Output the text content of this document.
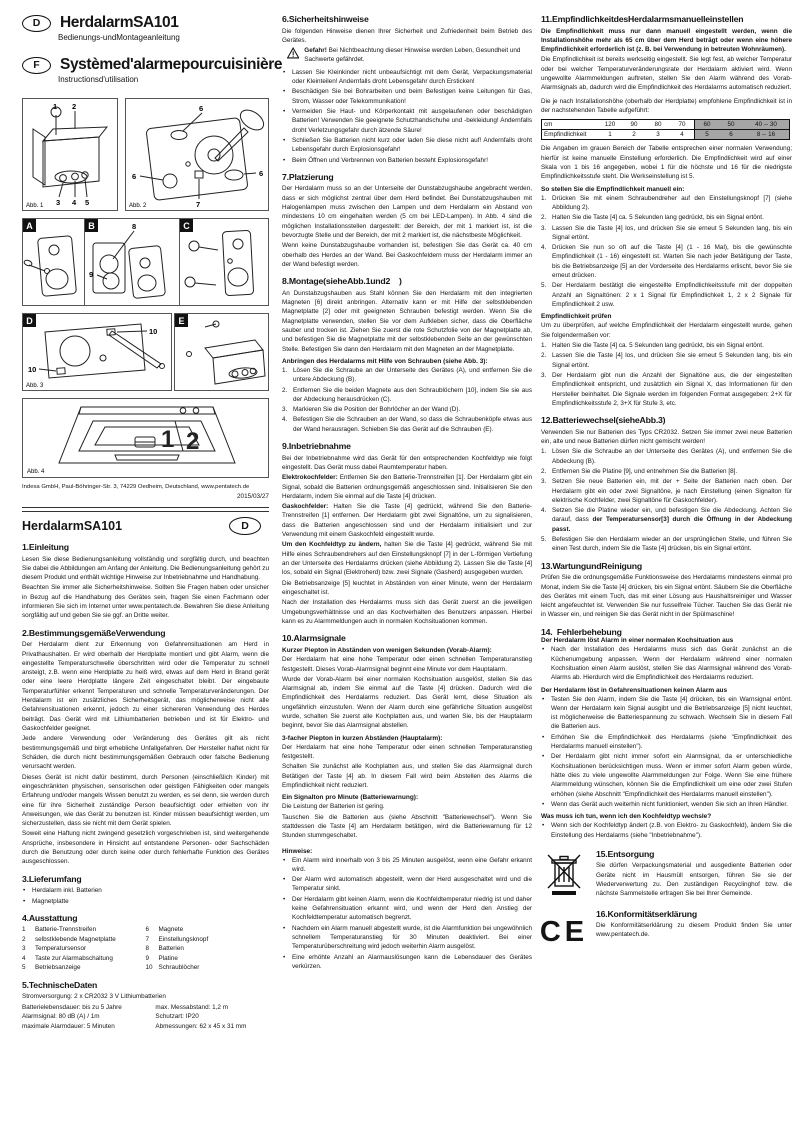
D	HerdalarmSA101
Bedienungs-undMontageanleitung
F	Systèmed'alarmepourcuisinière
Instructionsd'utilisation
1 2
3 4 5
Abb. 1
6
6	6
7
Abb. 2
A	B	8
9
C
D
10
10
Abb. 3
E
1 2
Abb. 4
Indexa GmbH, Paul-Böhringer-Str. 3, 74229 Oedheim, Deutschland, www.pentatech.de
2015/03/27
HerdalarmSA101	D
1.Einleitung

Lesen Sie diese Bedienungsanleitung vollständig und sorgfältig durch, und beachten Sie dabei die Abbildungen am Anfang der Anleitung. Die Bedienungsanleitung gehört zu diesem Produkt und enthält wichtige Hinweise zur Inbetriebnahme und Handhabung.

Beachten Sie immer alle Sicherheitshinweise. Sollten Sie Fragen haben oder unsicher in Bezug auf die Handhabung des Gerätes sein, fragen Sie einen Fachmann oder informieren Sie sich im Internet unter www.pentatech.de. Bewahren Sie diese Anleitung sorgfältig auf und geben Sie sie ggf. an Dritte weiter.

2.BestimmungsgemäßeVerwendung

Der Herdalarm dient zur Erkennung von Gefahrensituationen am Herd in Privathaushalten. Er wird oberhalb der Herdplatte montiert und gibt Alarm, wenn die eingestellte Temperaturschwelle überschritten wird oder die Temperatur zu schnell ansteigt, z.B. wenn eine Herdplatte zu heiß wird, etwas auf dem Herd in Brand gerät oder eine leere Herdplatte längere Zeit eingeschaltet bleibt. Der eingebaute Temperaturfühler erkennt Temperaturen und schnelle Temperaturveränderungen. Der Herdalarm ist ein zusätzliches Sicherheitsgerät, das möglicherweise nicht alle Gefahrensituationen erkennt, jedoch zu einer sichereren Verwendung des Herdes beiträgt. Das Gerät wird mit Lithiumbatterien betrieben und ist für Elektro- und Gaskochfelder geeignet.

Jede andere Verwendung oder Veränderung des Gerätes gilt als nicht bestimmungsgemäß und birgt erhebliche Unfallgefahren. Der Hersteller haftet nicht für Schäden, die durch nicht bestimmungsgemäßen Gebrauch oder falsche Bedienung verursacht werden.

Dieses Gerät ist nicht dafür bestimmt, durch Personen (einschließlich Kinder) mit eingeschränkten physischen, sensorischen oder geistigen Fähigkeiten oder mangels Erfahrung und/oder mangels Wissen benutzt zu werden, es sei denn, sie werden durch eine für ihre Sicherheit zuständige Person beaufsichtigt oder erhielten von ihr Anweisungen, wie das Gerät zu benutzen ist. Kinder müssen beaufsichtigt werden, um sicherzustellen, dass sie nicht mit dem Gerät spielen.

Soweit eine Haftung nicht zwingend gesetzlich vorgeschrieben ist, sind weitergehende Ansprüche, insbesondere in Hinsicht auf entstandene Personen- oder Sachschäden durch die Benutzung oder durch keine oder durch fehlerhafte Funktion des Gerätes ausgeschlossen.

3.Lieferumfang
• Herdalarm inkl. Batterien
• Magnetplatte
4.Ausstattung
1	Batterie-Trennstreifen
2	selbstklebende Magnetplatte
3	Temperatursensor
4	Taste zur Alarmabschaltung
5	Betriebsanzeige
6	Magnete
7	Einstellungsknopf
8	Batterien
9	Platine
10 Schraublöcher
5.TechnischeDaten

Stromversorgung: 2 x CR2032 3 V Lithiumbatterien

Batterielebensdauer: bis zu 5 Jahre
Alarmsignal: 80 dB (A) / 1m
maximale Alarmdauer: 5 Minuten
max. Messabstand: 1,2 m
Schutzart: IP20
Abmessungen: 62 x 45 x 31 mm
6.Sicherheitshinweise

Die folgenden Hinweise dienen Ihrer Sicherheit und Zufriedenheit beim Betrieb des Gerätes.

Gefahr! Bei Nichtbeachtung dieser Hinweise werden Leben, Gesundheit und Sachwerte gefährdet.

• Lassen Sie Kleinkinder nicht unbeaufsichtigt mit dem Gerät, Verpackungsmaterial oder Kleinteilen! Andernfalls droht Lebensgefahr durch Ersticken!
• Beschädigen Sie bei Bohrarbeiten und beim Befestigen keine Leitungen für Gas, Strom, Wasser oder Telekommunikation!
• Vermeiden Sie Haut- und Körperkontakt mit ausgelaufenen oder beschädigten Batterien! Verwenden Sie geeignete Schutzhandschuhe und -bekleidung! Andernfalls droht Verletzungsgefahr durch ätzende Säure!
• Schließen Sie Batterien nicht kurz oder laden Sie diese nicht auf! Andernfalls droht Lebensgefahr durch Explosionsgefahr!
• Beim Öffnen und Verbrennen von Batterien besteht Explosionsgefahr!
7.Platzierung

Der Herdalarm muss so an der Unterseite der Dunstabzugshaube angebracht werden, dass er sich möglichst zentral über dem Herd befindet. Bei Dunstabzugshauben mit Halogenlampen muss zwischen den Lampen und dem Herdalarm ein Abstand von mindestens 10 cm eingehalten werden (5 cm bei LED-Lampen). In Abb. 4 sind die möglichen Installationsstellen dargestellt: der Bereich, der mit 1 markiert ist, ist die bevorzugte Stelle und der Bereich, der mit 2 markiert ist, die nächstbeste Möglichkeit.

Wenn keine Dunstabzugshaube vorhanden ist, befestigen Sie das Gerät ca. 40 cm oberhalb des Herdes an der Wand. Bei Gaskochfeldern muss der Herdalarm immer an der Wand befestigt werden.

8.Montage(sieheAbb.1und2    )

An Dunstabzugshauben aus Stahl können Sie den Herdalarm mit den integrierten Magneten [6] direkt anbringen. Alternativ kann er mit Hilfe der selbstklebenden Magnetplatte [2] oder mit geeigneten Schrauben befestigt werden. Wenn Sie die Magnetplatte verwenden, stellen Sie vor dem Aufkleben sicher, dass die Oberfläche sauber und trocken ist. Ziehen Sie zuerst die rote Schutzfolie von der Magnetplatte ab, und befestigen Sie die Magnetplatte mit der selbstklebenden Seite an der gewünschten Stelle. Befestigen Sie dann den Herdalarm mit den Magneten an der Magnetplatte.

Anbringen des Herdalarms mit Hilfe von Schrauben (siehe Abb. 3):
Lösen Sie die Schraube an der Unterseite des Gerätes (A), und entfernen Sie die untere Abdeckung (B).
Entfernen Sie die beiden Magnete aus den Schraublöchern [10], indem Sie sie aus der Abdeckung herausdrücken (C).
Markieren Sie die Position der Bohrlöcher an der Wand (D).
Befestigen Sie die Schrauben an der Wand, so dass die Schraubenköpfe etwas aus der Wand herausragen. Schieben Sie das Gerät auf die Schrauben (E).
9.Inbetriebnahme

Bei der Inbetriebnahme wird das Gerät für den entsprechenden Kochfeldtyp wie folgt eingestellt. Das Gerät muss dabei Raumtemperatur haben.

Elektrokochfelder: Entfernen Sie den Batterie-Trennstreifen [1]. Der Herdalarm gibt ein Signal, sobald die Batterien ordnungsgemäß angeschlossen sind. Initialisieren Sie den Herdalarm, indem Sie einmal auf die Taste [4] drücken.

Gaskochfelder: Halten Sie die Taste [4] gedrückt, während Sie den Batterie-Trennstreifen [1] entfernen. Der Herdalarm gibt zwei Signaltöne, um zu signalisieren, dass die Batterien angeschlossen sind und der Herdalarm initialisiert und zur Verwendung mit einem Gaskochfeld eingestellt wurde.

Um den Kochfeldtyp zu ändern, halten Sie die Taste [4] gedrückt, während Sie mit Hilfe eines Schraubendrehers auf den Einstellungsknopf [7] in der L-förmigen Vertiefung an der Unterseite des Herdalarms drücken (siehe Abbildung 2). Lassen Sie die Taste [4] los, sobald ein Signal (Elektroherd) bzw. zwei Signale (Gasherd) ausgegeben wurden.

Die Betriebsanzeige [5] leuchtet in Abständen von einer Minute, wenn der Herdalarm eingeschaltet ist.

Nach der Installation des Herdalarms muss sich das Gerät zuerst an die jeweiligen Umgebungsverhältnisse und an das Kochverhalten des Benutzers anpassen. Hierbei kann es zu Alarmmeldungen auch in normalen Kochsituationen kommen.

10.Alarmsignale
Kurzer Piepton in Abständen von wenigen Sekunden (Vorab-Alarm):

Der Herdalarm hat eine hohe Temperatur oder einen schnellen Temperaturanstieg festgestellt. Dieses Vorab-Alarmsignal beginnt eine Minute vor dem Hauptalarm.

Wurde der Vorab-Alarm bei einer normalen Kochsituation ausgelöst, stellen Sie das Alarmsignal ab, indem Sie einmal auf die Taste [4] drücken. Dadurch wird die Empfindlichkeit des Herdalarms reduziert. Das Gerät lernt, diese Situation als ungefährlich einzustufen. Wenn der Alarm durch eine gefährliche Situation ausgelöst wurde, schalten Sie zuerst alle Kochplatten aus, und warten Sie, bis der Hauptalarm beginnt, bevor Sie das Alarmsignal abstellen.

3-facher Piepton in kurzen Abständen (Hauptalarm):

Der Herdalarm hat eine hohe Temperatur oder einen schnellen Temperaturanstieg festgestellt.

Schalten Sie zunächst alle Kochplatten aus, und stellen Sie das Alarmsignal durch Betätigen der Taste [4] ab. In diesem Fall wird beim Abstellen des Alarms die Empfindlichkeit nicht reduziert.

Ein Signalton pro Minute (Batteriewarnung):

Die Leistung der Batterien ist gering.

Tauschen Sie die Batterien aus (siehe Abschnitt "Batteriewechsel"). Wenn Sie stattdessen die Taste [4] am Herdalarm betätigen, wird die Batteriewarnung für 12 Stunden stummgeschaltet.

Hinweise:
• Ein Alarm wird innerhalb von 3 bis 25 Minuten ausgelöst, wenn eine Gefahr erkannt wird.
• Der Alarm wird automatisch abgestellt, wenn der Herd ausgeschaltet wird und die Temperatur sinkt.
• Der Herdalarm gibt keinen Alarm, wenn die Kochfeldtemperatur niedrig ist und daher keine Gefahrensituation erkannt wird, und wenn der Herd den Anstieg der Kochfeldtemperatur automatisch begrenzt.
• Nachdem ein Alarm manuell abgestellt wurde, ist die Alarmfunktion bei ungewöhnlich schnellem Temperaturanstieg für 30 Minuten deaktiviert. Bei einer Temperaturüberschreitung wird jedoch weiterhin Alarm ausgelöst.
• Eine erhöhte Anzahl an Alarmauslösungen kann die Lebensdauer des Gerätes verkürzen.
11.EmpfindlichkeitdesHerdalarmsmanuelleinstellen

Die Empfindlichkeit muss nur dann manuell eingestellt werden, wenn die Installationshöhe mehr als 65 cm über dem Herd beträgt oder wenn eine höhere Empfindlichkeit erforderlich ist (z. B. bei Verwendung in betreuten Wohnräumen).

Die Empfindlichkeit ist bereits werkseitig eingestellt. Sie legt fest, ab welcher Temperatur oder bei welcher Temperaturveränderungsrate der Herdalarm aktiviert wird. Wenn ungewollte Alarmmeldungen auftreten, stellen Sie den Alarm während des Vorab-Alarmsignals ab, dadurch wird die Empfindlichkeit des Herdalarms automatisch reduziert.

Die je nach Installationshöhe (oberhalb der Herdplatte) empfohlene Empfindlichkeit ist in der nachstehenden Tabelle aufgeführt:

cm	120	90	80	70	60	50	40 -- 30
Empfindlichkeit	1	2	3	4	5	6	8 -- 16

Die Angaben im grauen Bereich der Tabelle entsprechen einer normalen Verwendung; hierfür ist keine manuelle Einstellung erforderlich. Die Empfindlichkeit wird auf einer Skala von 1 bis 16 angegeben, wobei 1 für die höchste und 16 für die niedrigste Empfindlichkeitsstufe steht. Die Werkseinstellung ist 5.

So stellen Sie die Empfindlichkeit manuell ein:
Drücken Sie mit einem Schraubendreher auf den Einstellungsknopf [7] (siehe Abbildung 2).
Halten Sie die Taste [4] ca. 5 Sekunden lang gedrückt, bis ein Signal ertönt.
Lassen Sie die Taste [4] los, und drücken Sie sie erneut 5 Sekunden lang, bis ein Signal ertönt.
Drücken Sie nun so oft auf die Taste [4] (1 - 16 Mal), bis die gewünschte Empfindlichkeit (1 - 16) eingestellt ist. Warten Sie nach jeder Betätigung der Taste, bis die Betriebsanzeige [5] an der Vorderseite des Herdalarms erlischt, bevor Sie sie erneut drücken.
Der Herdalarm bestätigt die eingestellte Empfindlichkeitsstufe mit der doppelten Anzahl an Signaltönen: 2 x 1 Signal für Empfindlichkeit 1, 2 x 2 Signale für Empfindlichkeit 2 usw.
Empfindlichkeit prüfen

Um zu überprüfen, auf welche Empfindlichkeit der Herdalarm eingestellt wurde, gehen Sie folgendermaßen vor:

Halten Sie die Taste [4] ca. 5 Sekunden lang gedrückt, bis ein Signal ertönt.
Lassen Sie die Taste [4] los, und drücken Sie sie erneut 5 Sekunden lang, bis ein Signal ertönt.
Der Herdalarm gibt nun die Anzahl der Signaltöne aus, die der eingestellten Empfindlichkeit entspricht, und zusätzlich ein Signal X, das Informationen für den Hersteller beinhaltet. Die Signale werden im folgenden Format ausgegeben: 2+X für Empfindlichkeitsstufe 2, 3+X für Stufe 3, etc.
12.Batteriewechsel(sieheAbb.3)

Verwenden Sie nur Batterien des Typs CR2032. Setzen Sie immer zwei neue Batterien ein, alte und neue Batterien dürfen nicht gemischt werden!

Lösen Sie die Schraube an der Unterseite des Gerätes (A), und entfernen Sie die Abdeckung (B).
Entfernen Sie die Platine [9], und entnehmen Sie die Batterien [8].
Setzen Sie neue Batterien ein, mit der + Seite der Batterien nach oben. Der Herdalarm gibt ein oder zwei Signaltöne, je nach Einstellung (einen Signalton für elektrische Kochfelder, zwei Signaltöne für Gaskochfelder).
Setzen Sie die Platine wieder ein, und befestigen Sie die Abdeckung. Achten Sie darauf, dass der Temperatursensor[3] durch die Öffnung in der Abdeckung passt.
Befestigen Sie den Herdalarm wieder an der ursprünglichen Stelle, und führen Sie einen Test durch, indem Sie die Taste [4] drücken, bis ein Signal ertönt.
13.WartungundReinigung

Prüfen Sie die ordnungsgemäße Funktionsweise des Herdalarms mindestens einmal pro Monat, indem Sie die Taste [4] drücken, bis ein Signal ertönt. Säubern Sie die Oberfläche des Gerätes mit einem Tuch, das mit einer Lösung aus Haushaltsreiniger und Wasser leicht angefeuchtet ist. Verwenden Sie nur fusselfreie Tücher. Tauchen Sie das Gerät nie in Wasser ein, und reinigen Sie das Gerät nicht in der Spülmaschine!

14.  Fehlerbehebung
Der Herdalarm löst Alarm in einer normalen Kochsituation aus
• Nach der Installation des Herdalarms muss sich das Gerät zunächst an die Küchenumgebung anpassen. Wenn der Herdalarm während einer normalen Kochsituation einen Alarm auslöst, stellen Sie das Alarmsignal während des Vorab-Alarms ab. Hierdurch wird die Empfindlichkeit des Herdalarms reduziert.
Der Herdalarm löst in Gefahrensituationen keinen Alarm aus
• Testen Sie den Alarm, indem Sie die Taste [4] drücken, bis ein Warnsignal ertönt. Wenn der Herdalarm kein Signal ausgibt und die Betriebsanzeige [5] nicht leuchtet, ist möglicherweise die Batteriespannung zu schwach. Wechseln Sie in diesem Fall die Batterien aus.
• Erhöhen Sie die Empfindlichkeit des Herdalarms (siehe "Empfindlichkeit des Herdalarms manuell einstellen").
• Der Herdalarm gibt nicht immer sofort ein Alarmsignal, da er unterschiedliche Kochsituationen berücksichtigen muss. Wenn er immer sofort Alarm geben würde, hätte dies zu viele ungewollte Alarmmeldungen zur Folge. Wenn Sie eine frühere Alarmmeldung wünschen, können Sie die Empfindlichkeit um eine oder zwei Stufen erhöhen (siehe Abschnitt "Empfindlichkeit des Herdalarms manuell einstellen").
• Wenn das Gerät auch weiterhin nicht funktioniert, wenden Sie sich an Ihren Händler.
Was muss ich tun, wenn ich den Kochfeldtyp wechsle?
• Wenn sich der Kochfeldtyp ändert (z.B. von Elektro- zu Gaskochfeld), ändern Sie die Einstellung des Herdalarms (siehe "Inbetriebnahme").
15.Entsorgung

Sie dürfen Verpackungsmaterial und ausgediente Batterien oder Geräte nicht im Hausmüll entsorgen, führen Sie sie der Wiederverwertung zu. Den zuständigen Recyclinghof bzw. die nächste Sammelstelle erfragen Sie bei Ihrer Gemeinde.

CE
16.Konformitätserklärung

Die Konformitätserklärung zu diesem Produkt finden Sie unter www.pentatech.de.
